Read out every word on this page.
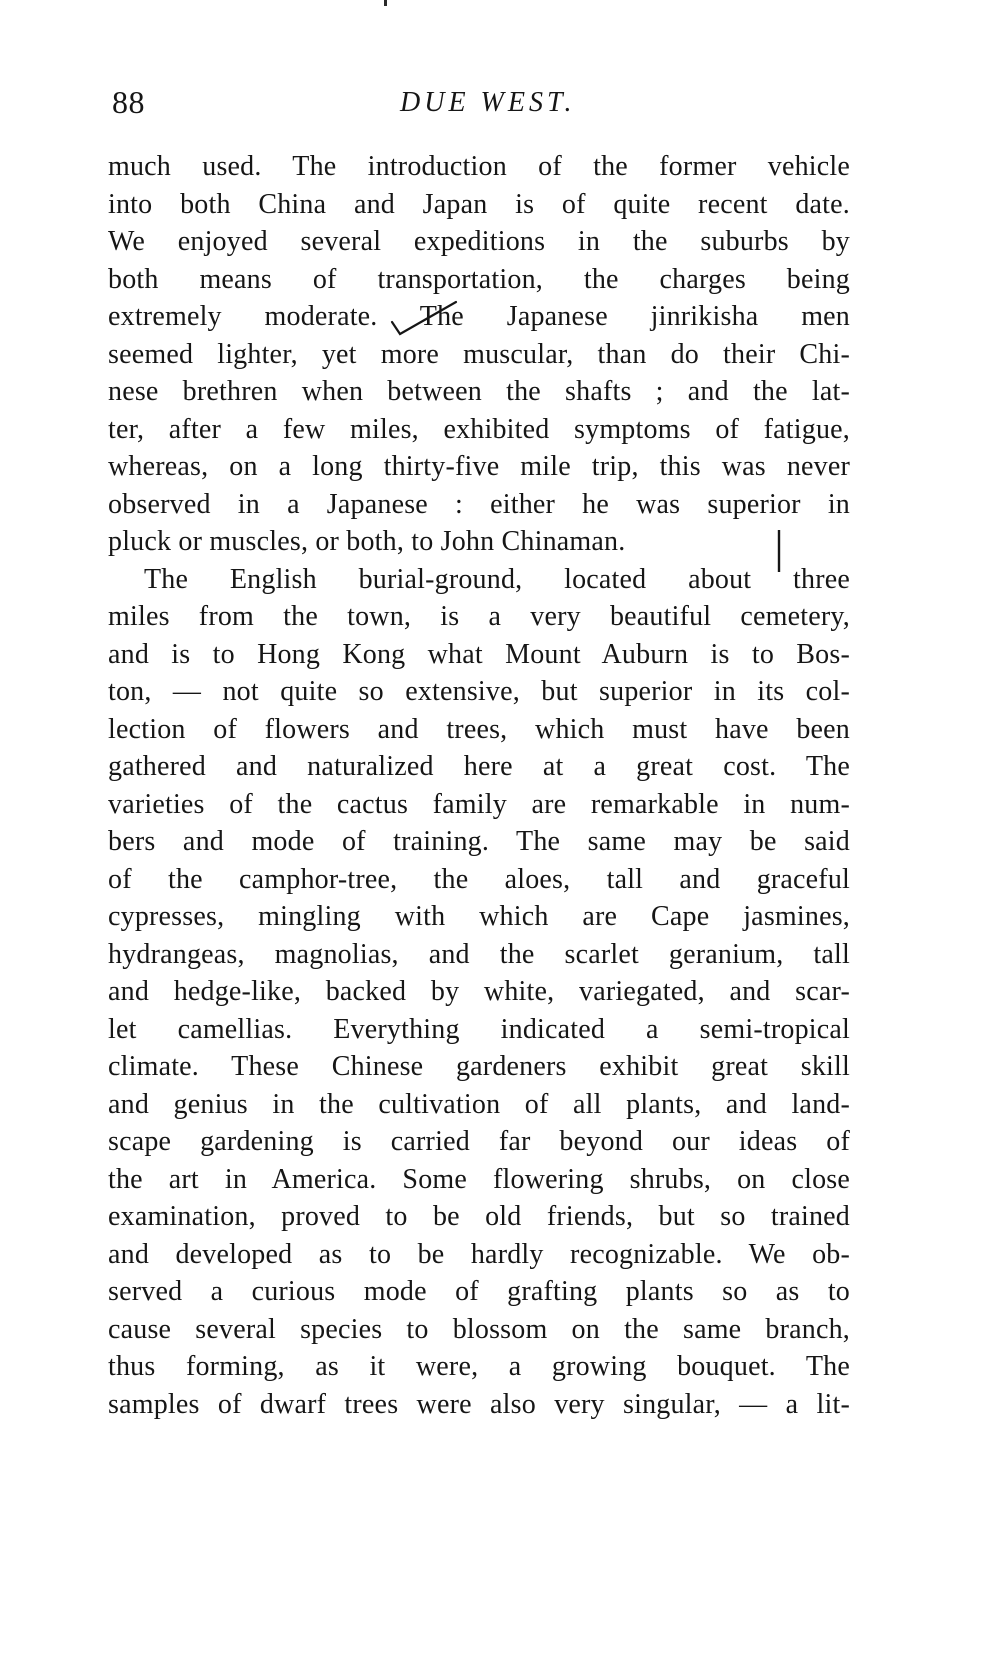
88	DUE WEST.
much used. The introduction of the former vehicle
into both China and Japan is of quite recent date.
We enjoyed several expeditions in the suburbs by
both means of transportation, the charges being
extremely moderate. The Japanese jinrikisha men
seemed lighter, yet more muscular, than do their Chi-
nese brethren when between the shafts ; and the lat-
ter, after a few miles, exhibited symptoms of fatigue,
whereas, on a long thirty-five mile trip, this was never
observed in a Japanese : either he was superior in
pluck or muscles, or both, to John Chinaman.
The English burial-ground, located about three
miles from the town, is a very beautiful cemetery,
and is to Hong Kong what Mount Auburn is to Bos-
ton, — not quite so extensive, but superior in its col-
lection of flowers and trees, which must have been
gathered and naturalized here at a great cost. The
varieties of the cactus family are remarkable in num-
bers and mode of training. The same may be said
of the camphor-tree, the aloes, tall and graceful
cypresses, mingling with which are Cape jasmines,
hydrangeas, magnolias, and the scarlet geranium, tall
and hedge-like, backed by white, variegated, and scar-
let camellias. Everything indicated a semi-tropical
climate. These Chinese gardeners exhibit great skill
and genius in the cultivation of all plants, and land-
scape gardening is carried far beyond our ideas of
the art in America. Some flowering shrubs, on close
examination, proved to be old friends, but so trained
and developed as to be hardly recognizable. We ob-
served a curious mode of grafting plants so as to
cause several species to blossom on the same branch,
thus forming, as it were, a growing bouquet. The
samples of dwarf trees were also very singular, — a lit-
